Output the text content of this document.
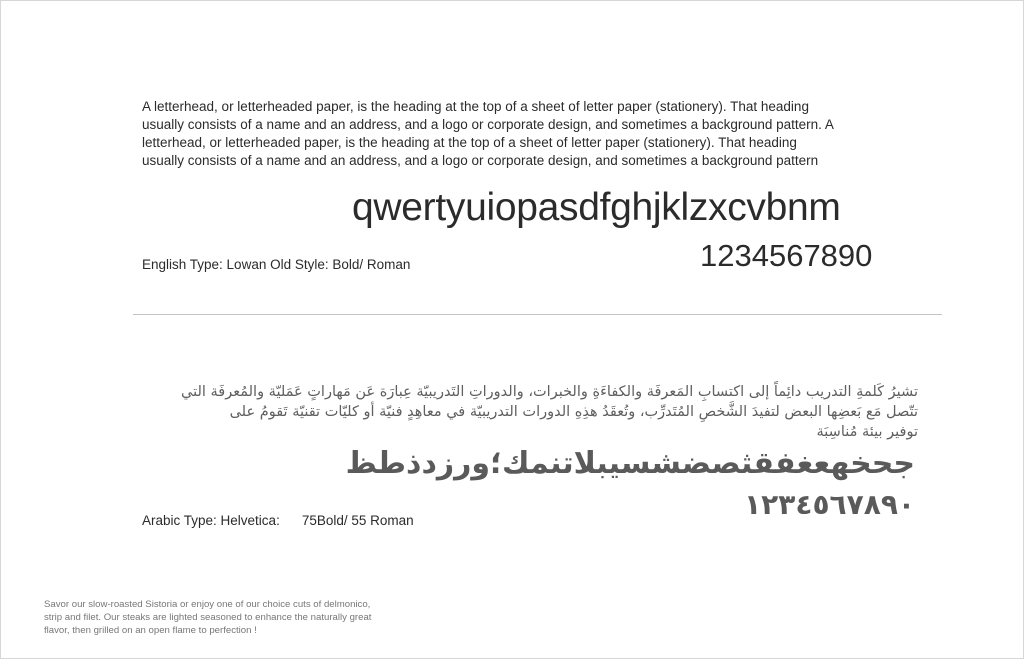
A letterhead, or letterheaded paper, is the heading at the top of a sheet of letter paper (stationery). That heading

usually consists of a name and an address, and a logo or corporate design, and sometimes a background pattern. A

letterhead, or letterheaded paper, is the heading at the top of a sheet of letter paper (stationery). That heading

usually consists of a name and an address, and a logo or corporate design, and sometimes a background pattern

qwertyuiopasdfghjklzxcvbnm
1234567890
English Type: Lowan Old Style: Bold/ Roman

تشيرُ كَلمةِ التدريب دائِماً إلى اكتسابِ المَعرفَة والكفاءَةِ والخبرات، والدوراتِ التَدريبيّة عِبارَة عَن مَهاراتٍ عَمَليّة والمُعرفَة التي

تتّصل مَع بَعضِها البعض لتفيدَ الشَّخصِ المُتَدرِّب، وتُعقَدُ هذِهِ الدورات التدريبيّة في معاهِدٍ فنيّة أو كليّات تقنيّة تَقومُ على

توفير بيئة مُناسِبَة

جحخهعغفقثصضشسيبلاتنمك؛ورزدذطظ
١٢٣٤٥٦٧٨٩٠
Arabic Type: Helvetica: 75Bold/ 55 Roman

Savor our slow-roasted Sistoria or enjoy one of our choice cuts of delmonico,

strip and filet. Our steaks are lighted seasoned to enhance the naturally great

flavor, then grilled on an open flame to perfection !
